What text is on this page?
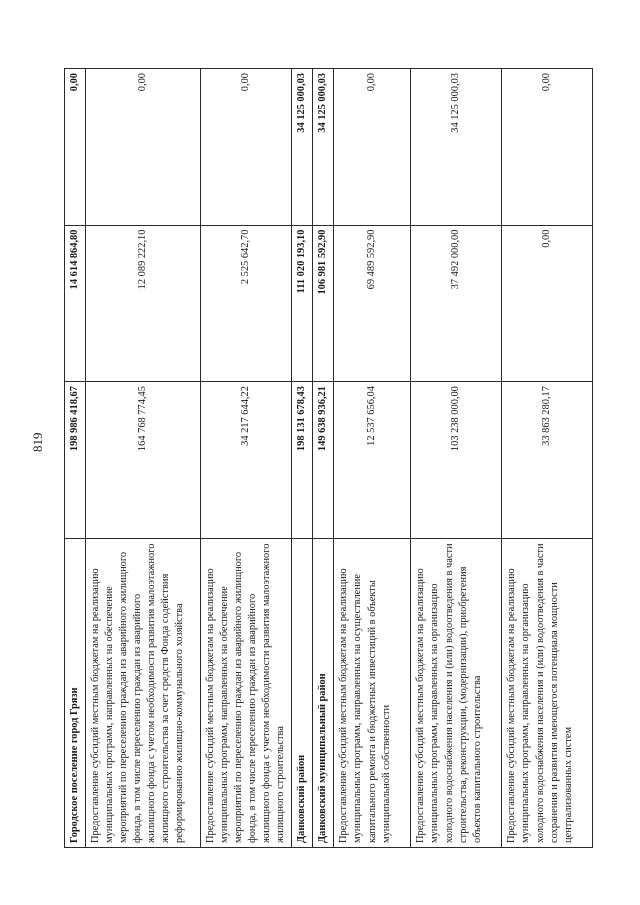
819
Городское поселение город Грязи	198 986 418,67	14 614 864,80	0,00
Предоставление субсидий местным бюджетам на реализацию муниципальных программ, направленных на обеспечение мероприятий по переселению граждан из аварийного жилищного фонда, в том числе переселению граждан из аварийного жилищного фонда с учетом необходимости развития малоэтажного жилищного строительства за счет средств Фонда содействия реформированию жилищно-коммунального хозяйства	164 768 774,45	12 089 222,10	0,00
Предоставление субсидий местным бюджетам на реализацию муниципальных программ, направленных на обеспечение мероприятий по переселению граждан из аварийного жилищного фонда, в том числе переселению граждан из аварийного жилищного фонда с учетом необходимости развития малоэтажного жилищного строительства	34 217 644,22	2 525 642,70	0,00
Данковский район	198 131 678,43	111 020 193,10	34 125 000,03
Данковский муниципальный район	149 638 936,21	106 981 592,90	34 125 000,03
Предоставление субсидий местным бюджетам на реализацию муниципальных программ, направленных на осуществление капитального ремонта и бюджетных инвестиций в объекты муниципальной собственности	12 537 656,04	69 489 592,90	0,00
Предоставление субсидий местным бюджетам на реализацию муниципальных программ, направленных на организацию холодного водоснабжения населения и (или) водоотведения в части строительства, реконструкции, (модернизации), приобретения объектов капитального строительства	103 238 000,00	37 492 000,00	34 125 000,03
Предоставление субсидий местным бюджетам на реализацию муниципальных программ, направленных на организацию холодного водоснабжения населения и (или) водоотведения в части сохранения и развития имеющегося потенциала мощности централизованных систем	33 863 280,17	0,00	0,00
